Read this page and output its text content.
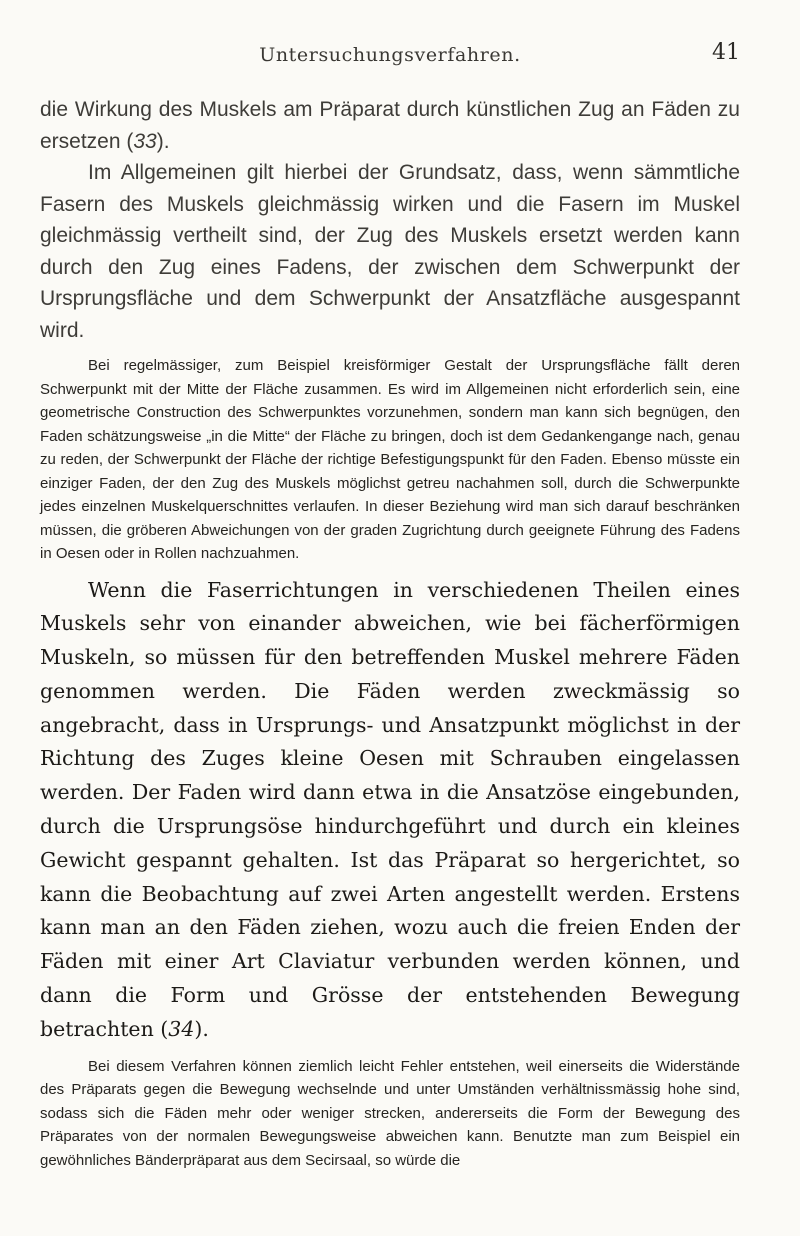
Untersuchungsverfahren.	41

die Wirkung des Muskels am Präparat durch künstlichen Zug an Fäden zu ersetzen (33).

Im Allgemeinen gilt hierbei der Grundsatz, dass, wenn sämmtliche Fasern des Muskels gleichmässig wirken und die Fasern im Muskel gleichmässig vertheilt sind, der Zug des Muskels ersetzt werden kann durch den Zug eines Fadens, der zwischen dem Schwerpunkt der Ursprungsfläche und dem Schwerpunkt der Ansatzfläche ausgespannt wird.

Bei regelmässiger, zum Beispiel kreisförmiger Gestalt der Ursprungsfläche fällt deren Schwerpunkt mit der Mitte der Fläche zusammen. Es wird im Allgemeinen nicht erforderlich sein, eine geometrische Construction des Schwerpunktes vorzunehmen, sondern man kann sich begnügen, den Faden schätzungsweise „in die Mitte“ der Fläche zu bringen, doch ist dem Gedankengange nach, genau zu reden, der Schwerpunkt der Fläche der richtige Befestigungspunkt für den Faden. Ebenso müsste ein einziger Faden, der den Zug des Muskels möglichst getreu nachahmen soll, durch die Schwerpunkte jedes einzelnen Muskelquerschnittes verlaufen. In dieser Beziehung wird man sich darauf beschränken müssen, die gröberen Abweichungen von der graden Zugrichtung durch geeignete Führung des Fadens in Oesen oder in Rollen nachzuahmen.

Wenn die Faserrichtungen in verschiedenen Theilen eines Muskels sehr von einander abweichen, wie bei fächerförmigen Muskeln, so müssen für den betreffenden Muskel mehrere Fäden genommen werden. Die Fäden werden zweckmässig so angebracht, dass in Ursprungs- und Ansatzpunkt möglichst in der Richtung des Zuges kleine Oesen mit Schrauben eingelassen werden. Der Faden wird dann etwa in die Ansatzöse eingebunden, durch die Ursprungsöse hindurchgeführt und durch ein kleines Gewicht gespannt gehalten. Ist das Präparat so hergerichtet, so kann die Beobachtung auf zwei Arten angestellt werden. Erstens kann man an den Fäden ziehen, wozu auch die freien Enden der Fäden mit einer Art Claviatur verbunden werden können, und dann die Form und Grösse der entstehenden Bewegung betrachten (34).

Bei diesem Verfahren können ziemlich leicht Fehler entstehen, weil einerseits die Widerstände des Präparats gegen die Bewegung wechselnde und unter Umständen verhältnissmässig hohe sind, sodass sich die Fäden mehr oder weniger strecken, andererseits die Form der Bewegung des Präparates von der normalen Bewegungsweise abweichen kann. Benutzte man zum Beispiel ein gewöhnliches Bänderpräparat aus dem Secirsaal, so würde die
